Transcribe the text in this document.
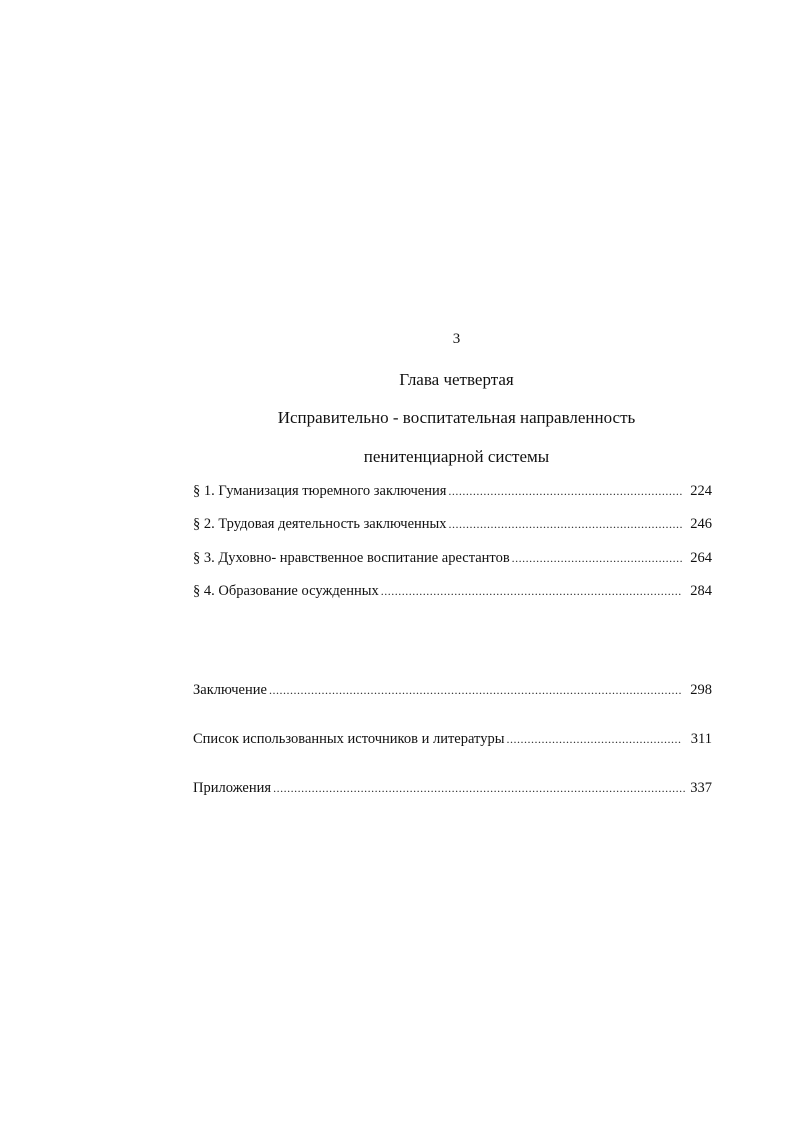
3
Глава четвертая
Исправительно - воспитательная направленность
пенитенциарной системы
§ 1. Гуманизация тюремного заключения .....	224
§ 2. Трудовая деятельность заключенных .....	246
§ 3. Духовно- нравственное воспитание арестантов .....	264
§ 4. Образование осужденных .....	284
Заключение .....	298
Список использованных источников и литературы .....	311
Приложения .....	337
